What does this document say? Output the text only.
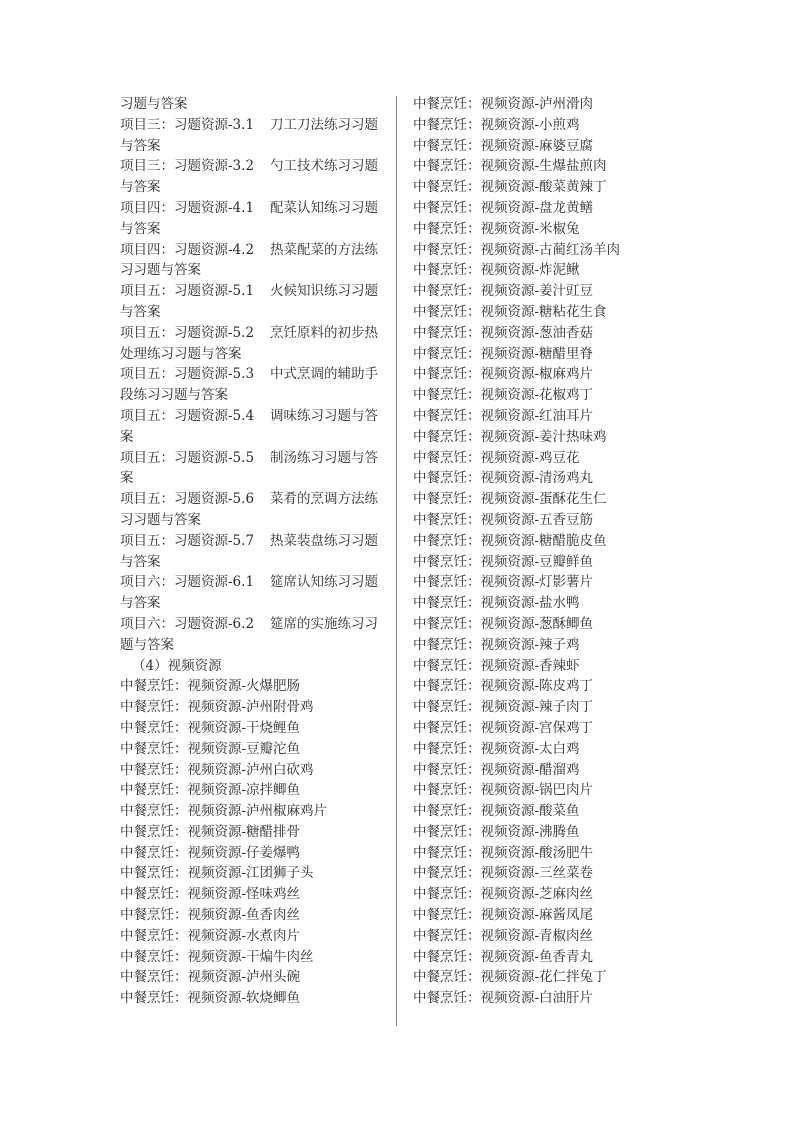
习题与答案
项目三：习题资源-3.1 刀工刀法练习习题
与答案
项目三：习题资源-3.2 勺工技术练习习题
与答案
项目四：习题资源-4.1 配菜认知练习习题
与答案
项目四：习题资源-4.2 热菜配菜的方法练
习习题与答案
项目五：习题资源-5.1 火候知识练习习题
与答案
项目五：习题资源-5.2 烹饪原料的初步热
处理练习习题与答案
项目五：习题资源-5.3 中式烹调的辅助手
段练习习题与答案
项目五：习题资源-5.4 调味练习习题与答
案
项目五：习题资源-5.5 制汤练习习题与答
案
项目五：习题资源-5.6 菜肴的烹调方法练
习习题与答案
项目五：习题资源-5.7 热菜装盘练习习题
与答案
项目六：习题资源-6.1 筵席认知练习习题
与答案
项目六：习题资源-6.2 筵席的实施练习习
题与答案
（4）视频资源
中餐烹饪：视频资源-火爆肥肠
中餐烹饪：视频资源-泸州附骨鸡
中餐烹饪：视频资源-干烧鲤鱼
中餐烹饪：视频资源-豆瓣沱鱼
中餐烹饪：视频资源-泸州白砍鸡
中餐烹饪：视频资源-凉拌鲫鱼
中餐烹饪：视频资源-泸州椒麻鸡片
中餐烹饪：视频资源-糖醋排骨
中餐烹饪：视频资源-仔姜爆鸭
中餐烹饪：视频资源-江团狮子头
中餐烹饪：视频资源-怪味鸡丝
中餐烹饪：视频资源-鱼香肉丝
中餐烹饪：视频资源-水煮肉片
中餐烹饪：视频资源-干煸牛肉丝
中餐烹饪：视频资源-泸州头碗
中餐烹饪：视频资源-软烧鲫鱼
中餐烹饪：视频资源-泸州滑肉
中餐烹饪：视频资源-小煎鸡
中餐烹饪：视频资源-麻婆豆腐
中餐烹饪：视频资源-生爆盐煎肉
中餐烹饪：视频资源-酸菜黄辣丁
中餐烹饪：视频资源-盘龙黄鳝
中餐烹饪：视频资源-米椒兔
中餐烹饪：视频资源-古蔺红汤羊肉
中餐烹饪：视频资源-炸泥鳅
中餐烹饪：视频资源-姜汁豇豆
中餐烹饪：视频资源-糖粘花生食
中餐烹饪：视频资源-葱油香菇
中餐烹饪：视频资源-糖醋里脊
中餐烹饪：视频资源-椒麻鸡片
中餐烹饪：视频资源-花椒鸡丁
中餐烹饪：视频资源-红油耳片
中餐烹饪：视频资源-姜汁热味鸡
中餐烹饪：视频资源-鸡豆花
中餐烹饪：视频资源-清汤鸡丸
中餐烹饪：视频资源-蛋酥花生仁
中餐烹饪：视频资源-五香豆筋
中餐烹饪：视频资源-糖醋脆皮鱼
中餐烹饪：视频资源-豆瓣鲜鱼
中餐烹饪：视频资源-灯影薯片
中餐烹饪：视频资源-盐水鸭
中餐烹饪：视频资源-葱酥鲫鱼
中餐烹饪：视频资源-辣子鸡
中餐烹饪：视频资源-香辣虾
中餐烹饪：视频资源-陈皮鸡丁
中餐烹饪：视频资源-辣子肉丁
中餐烹饪：视频资源-宫保鸡丁
中餐烹饪：视频资源-太白鸡
中餐烹饪：视频资源-醋溜鸡
中餐烹饪：视频资源-锅巴肉片
中餐烹饪：视频资源-酸菜鱼
中餐烹饪：视频资源-沸腾鱼
中餐烹饪：视频资源-酸汤肥牛
中餐烹饪：视频资源-三丝菜卷
中餐烹饪：视频资源-芝麻肉丝
中餐烹饪：视频资源-麻酱凤尾
中餐烹饪：视频资源-青椒肉丝
中餐烹饪：视频资源-鱼香青丸
中餐烹饪：视频资源-花仁拌兔丁
中餐烹饪：视频资源-白油肝片
